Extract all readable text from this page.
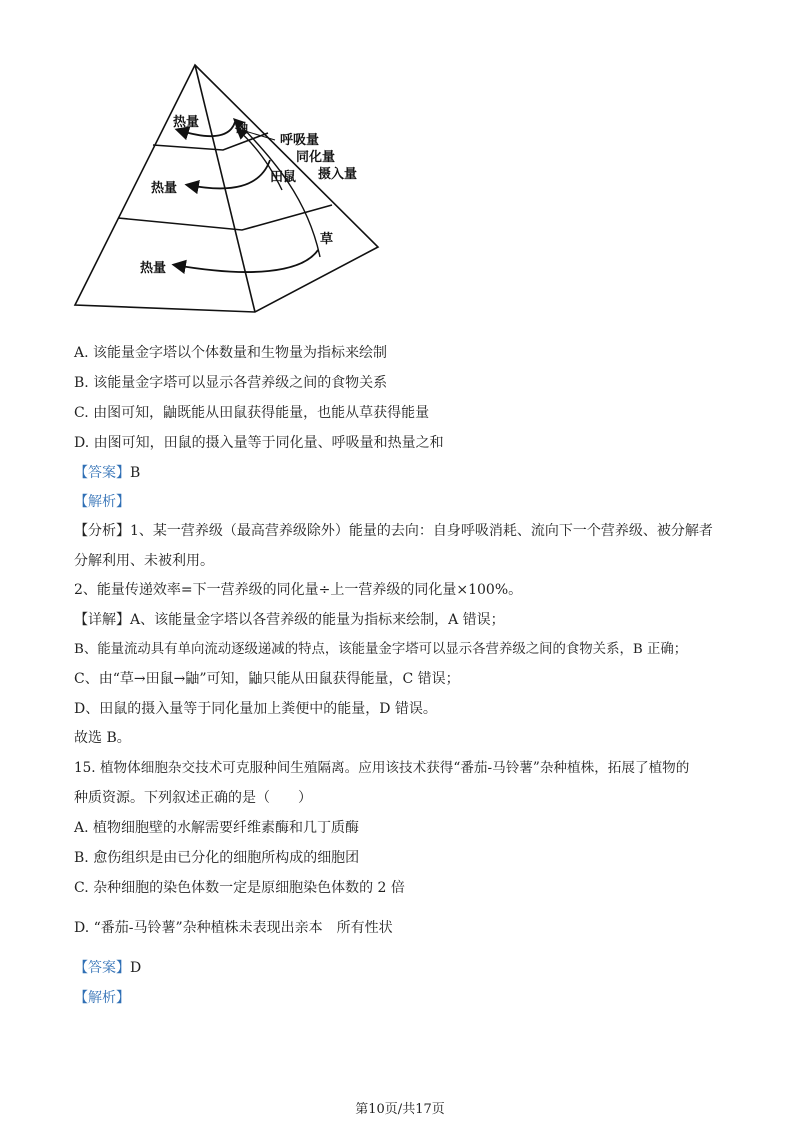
热量
热量
热量
鼬
田鼠
草
呼吸量
同化量
摄入量
A. 该能量金字塔以个体数量和生物量为指标来绘制
B. 该能量金字塔可以显示各营养级之间的食物关系
C. 由图可知，鼬既能从田鼠获得能量，也能从草获得能量
D. 由图可知，田鼠的摄入量等于同化量、呼吸量和热量之和
【答案】B
【解析】
【分析】1、某一营养级（最高营养级除外）能量的去向：自身呼吸消耗、流向下一个营养级、被分解者
分解利用、未被利用。
2、能量传递效率=下一营养级的同化量÷上一营养级的同化量×100%。
【详解】A、该能量金字塔以各营养级的能量为指标来绘制，A 错误；
B、能量流动具有单向流动逐级递减的特点，该能量金字塔可以显示各营养级之间的食物关系，B 正确；
C、由“草→田鼠→鼬”可知，鼬只能从田鼠获得能量，C 错误；
D、田鼠的摄入量等于同化量加上粪便中的能量，D 错误。
故选 B。
15. 植物体细胞杂交技术可克服种间生殖隔离。应用该技术获得“番茄-马铃薯”杂种植株，拓展了植物的
种质资源。下列叙述正确的是（　　）
A. 植物细胞壁的水解需要纤维素酶和几丁质酶
B. 愈伤组织是由已分化的细胞所构成的细胞团
C. 杂种细胞的染色体数一定是原细胞染色体数的 2 倍
D. “番茄-马铃薯”杂种植株未表现出亲本　所有性状
【答案】D
【解析】
第10页/共17页
